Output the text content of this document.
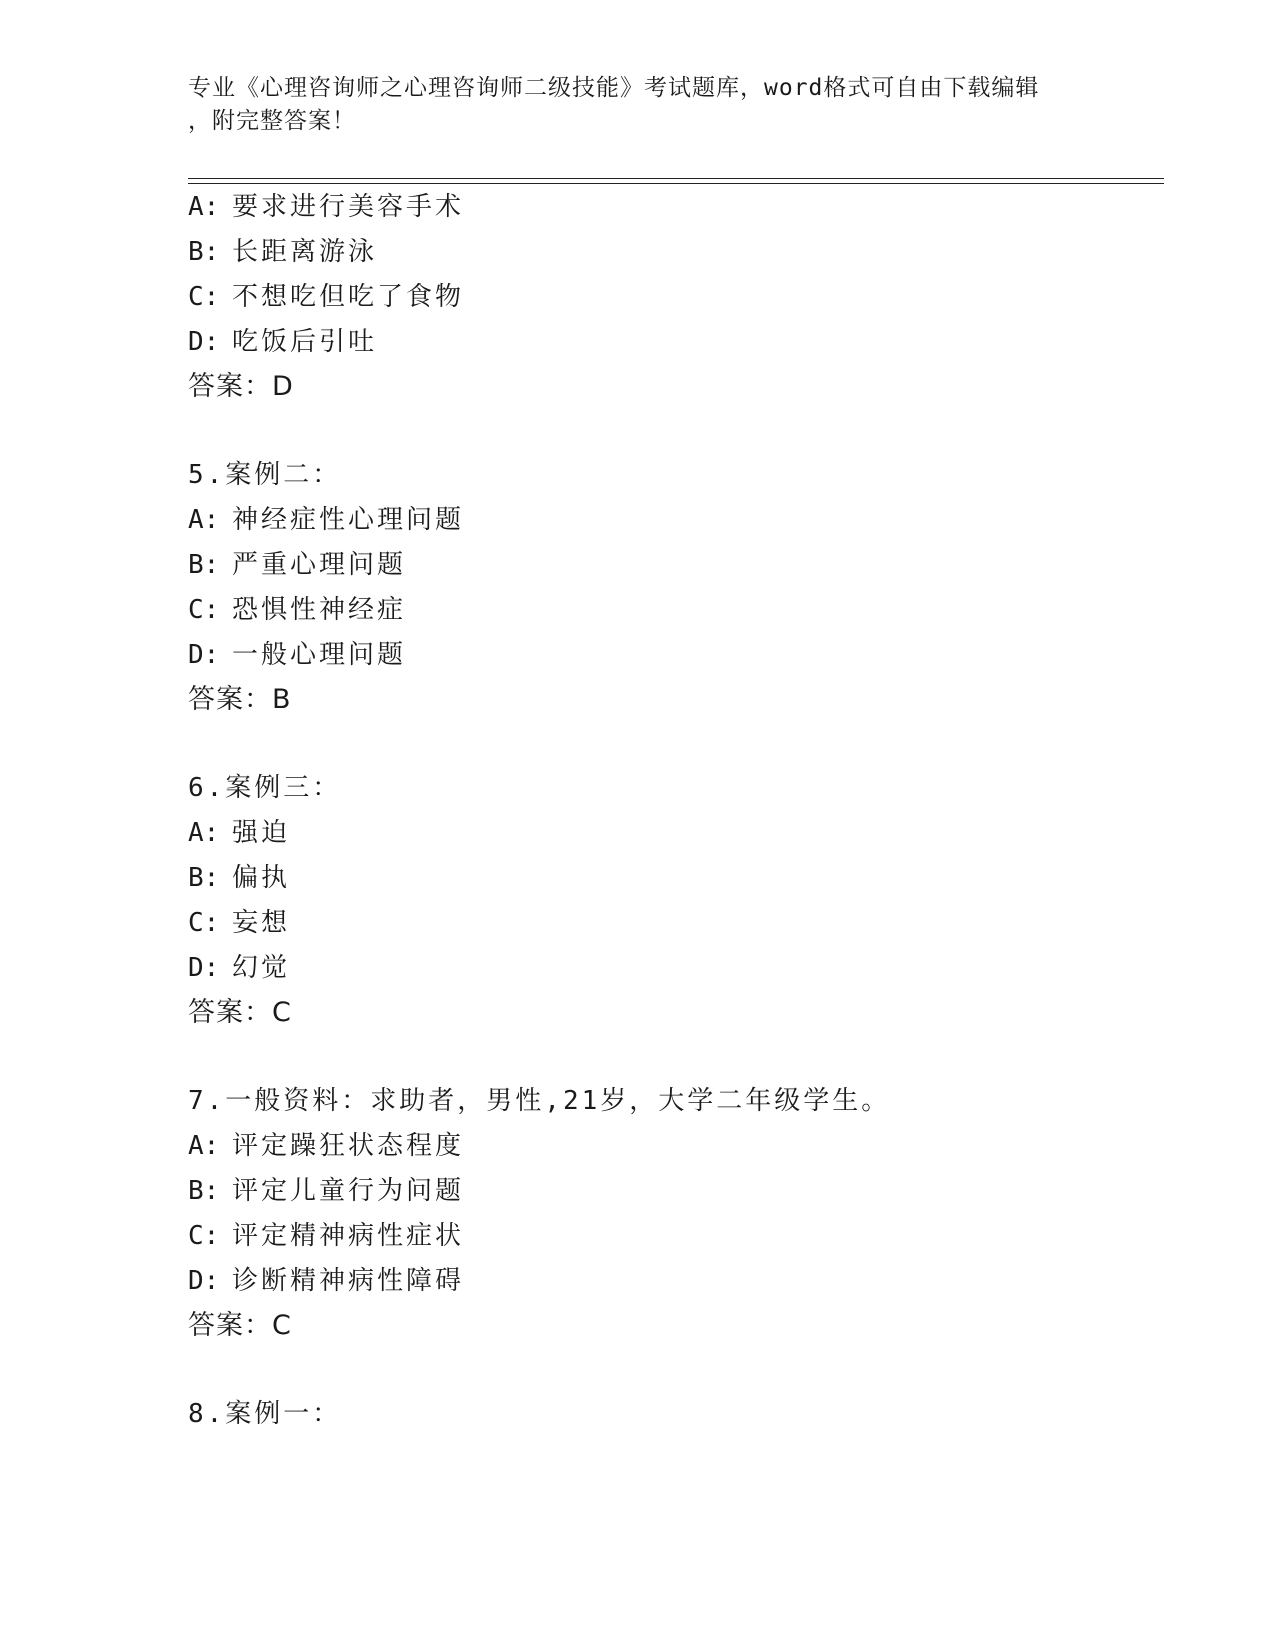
专业《心理咨询师之心理咨询师二级技能》考试题库，word格式可自由下载编辑
，附完整答案！
A: 要求进行美容手术
B: 长距离游泳
C: 不想吃但吃了食物
D: 吃饭后引吐
答案：D
5.案例二：
A: 神经症性心理问题
B: 严重心理问题
C: 恐惧性神经症
D: 一般心理问题
答案：B
6.案例三：
A: 强迫
B: 偏执
C: 妄想
D: 幻觉
答案：C
7.一般资料：求助者，男性,21岁，大学二年级学生。
A: 评定躁狂状态程度
B: 评定儿童行为问题
C: 评定精神病性症状
D: 诊断精神病性障碍
答案：C
8.案例一：
